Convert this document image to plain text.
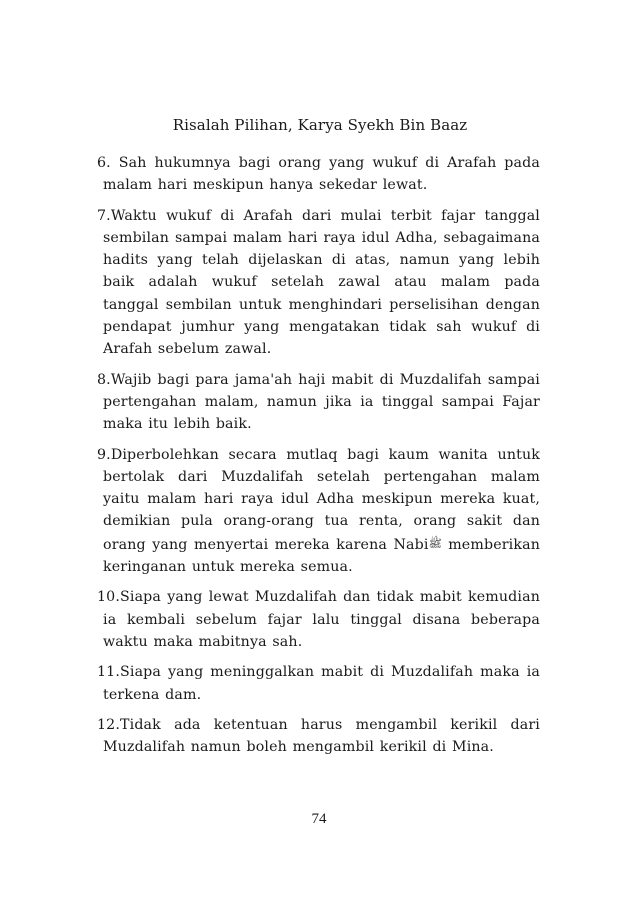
Risalah Pilihan, Karya Syekh Bin Baaz

6. Sah hukumnya bagi orang yang wukuf di Arafah pada malam hari meskipun hanya sekedar lewat.

7.Waktu wukuf di Arafah dari mulai terbit fajar tanggal sembilan sampai malam hari raya idul Adha, sebagaimana hadits yang telah dijelaskan di atas, namun yang lebih baik adalah wukuf setelah zawal atau malam pada tanggal sembilan untuk menghindari perselisihan dengan pendapat jumhur yang mengatakan tidak sah wukuf di Arafah sebelum zawal.

8.Wajib bagi para jama'ah haji mabit di Muzdalifah sampai pertengahan malam, namun jika ia tinggal sampai Fajar maka itu lebih baik.

9.Diperbolehkan secara mutlaq bagi kaum wanita untuk bertolak dari Muzdalifah setelah pertengahan malam yaitu malam hari raya idul Adha meskipun mereka kuat, demikian pula orang-orang tua renta, orang sakit dan orang yang menyertai mereka karena Nabiﷺ memberikan keringanan untuk mereka semua.

10.Siapa yang lewat Muzdalifah dan tidak mabit kemudian ia kembali sebelum fajar lalu tinggal disana beberapa waktu maka mabitnya sah.

11.Siapa yang meninggalkan mabit di Muzdalifah maka ia terkena dam.

12.Tidak ada ketentuan harus mengambil kerikil dari Muzdalifah namun boleh mengambil kerikil di Mina.

74
